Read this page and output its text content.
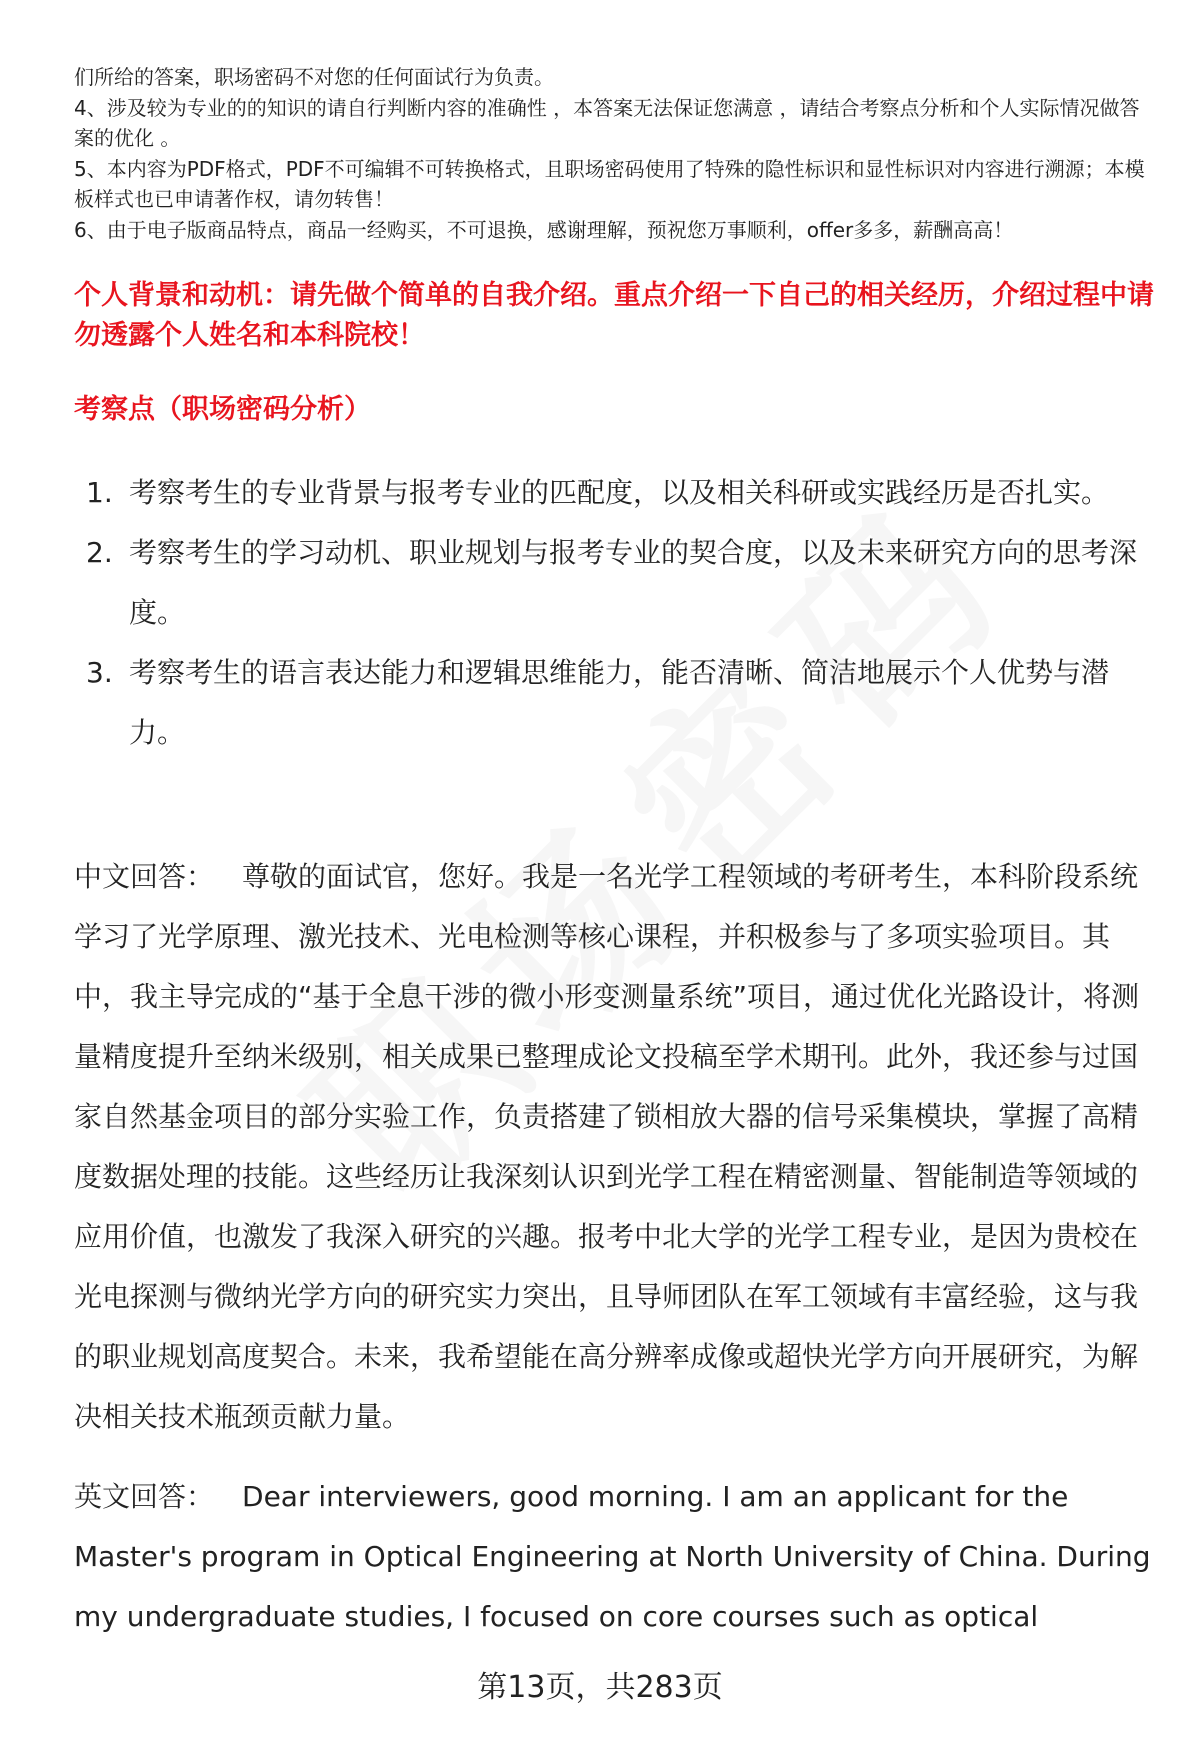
们所给的答案，职场密码不对您的任何面试行为负责。

4、涉及较为专业的的知识的请自行判断内容的准确性 ，本答案无法保证您满意 ，请结合考察点分析和个人实际情况做答案的优化 。

5、本内容为PDF格式，PDF不可编辑不可转换格式，且职场密码使用了特殊的隐性标识和显性标识对内容进行溯源；本模板样式也已申请著作权，请勿转售！

6、由于电子版商品特点，商品一经购买，不可退换，感谢理解，预祝您万事顺利，offer多多，薪酬高高！

个人背景和动机：请先做个简单的自我介绍。重点介绍一下自己的相关经历，介绍过程中请勿透露个人姓名和本科院校！
考察点（职场密码分析）
1. 考察考生的专业背景与报考专业的匹配度，以及相关科研或实践经历是否扎实。
2. 考察考生的学习动机、职业规划与报考专业的契合度，以及未来研究方向的思考深度。
3. 考察考生的语言表达能力和逻辑思维能力，能否清晰、简洁地展示个人优势与潜力。

中文回答： 尊敬的面试官，您好。我是一名光学工程领域的考研考生，本科阶段系统学习了光学原理、激光技术、光电检测等核心课程，并积极参与了多项实验项目。其中，我主导完成的“基于全息干涉的微小形变测量系统”项目，通过优化光路设计，将测量精度提升至纳米级别，相关成果已整理成论文投稿至学术期刊。此外，我还参与过国家自然基金项目的部分实验工作，负责搭建了锁相放大器的信号采集模块，掌握了高精度数据处理的技能。这些经历让我深刻认识到光学工程在精密测量、智能制造等领域的应用价值，也激发了我深入研究的兴趣。报考中北大学的光学工程专业，是因为贵校在光电探测与微纳光学方向的研究实力突出，且导师团队在军工领域有丰富经验，这与我的职业规划高度契合。未来，我希望能在高分辨率成像或超快光学方向开展研究，为解决相关技术瓶颈贡献力量。

英文回答： Dear interviewers, good morning. I am an applicant for the Master's program in Optical Engineering at North University of China. During my undergraduate studies, I focused on core courses such as optical

第13页，共283页
